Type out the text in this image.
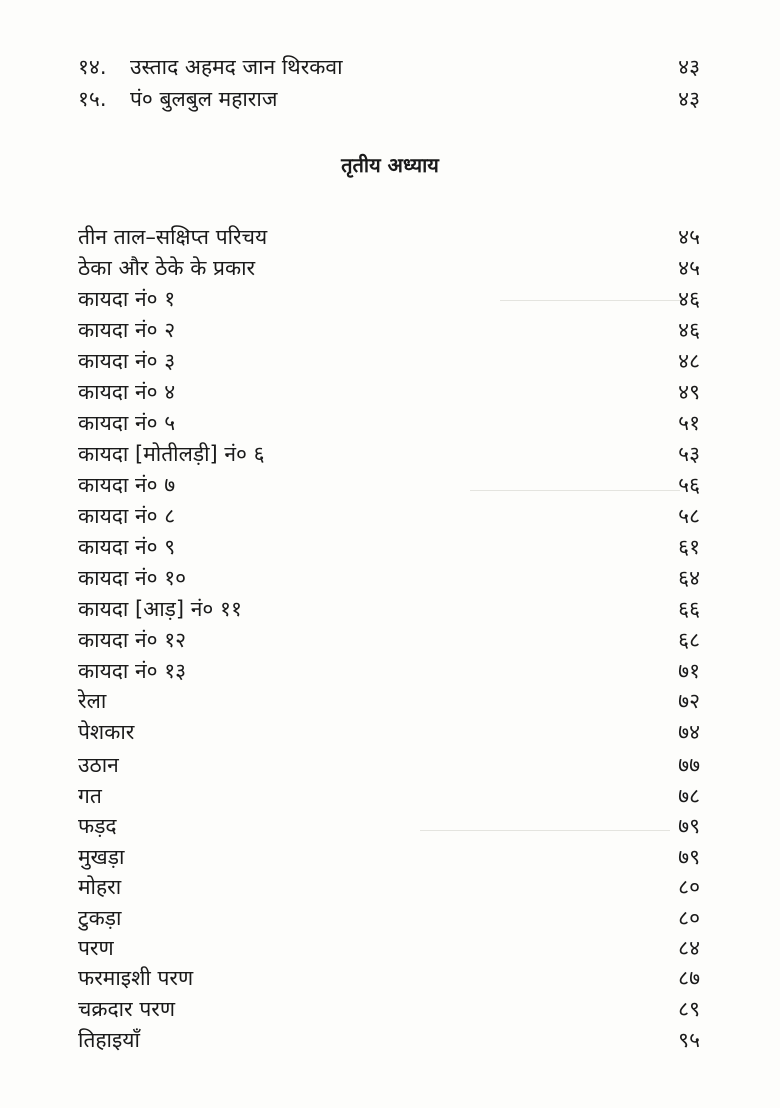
१४. उस्ताद अहमद जान थिरकवा	४३
१५. पं० बुलबुल महाराज	४३
तृतीय अध्याय
तीन ताल–सक्षिप्त परिचय	४५
ठेका और ठेके के प्रकार	४५
कायदा नं० १	४६
कायदा नं० २	४६
कायदा नं० ३	४८
कायदा नं० ४	४९
कायदा नं० ५	५१
कायदा [मोतीलड़ी] नं० ६	५३
कायदा नं० ७	५६
कायदा नं० ८	५८
कायदा नं० ९	६१
कायदा नं० १०	६४
कायदा [आड़] नं० ११	६६
कायदा नं० १२	६८
कायदा नं० १३	७१
रेला	७२
पेशकार	७४
उठान	७७
गत	७८
फड़द	७९
मुखड़ा	७९
मोहरा	८०
टुकड़ा	८०
परण	८४
फरमाइशी परण	८७
चक्रदार परण	८९
तिहाइयाँ	९५
